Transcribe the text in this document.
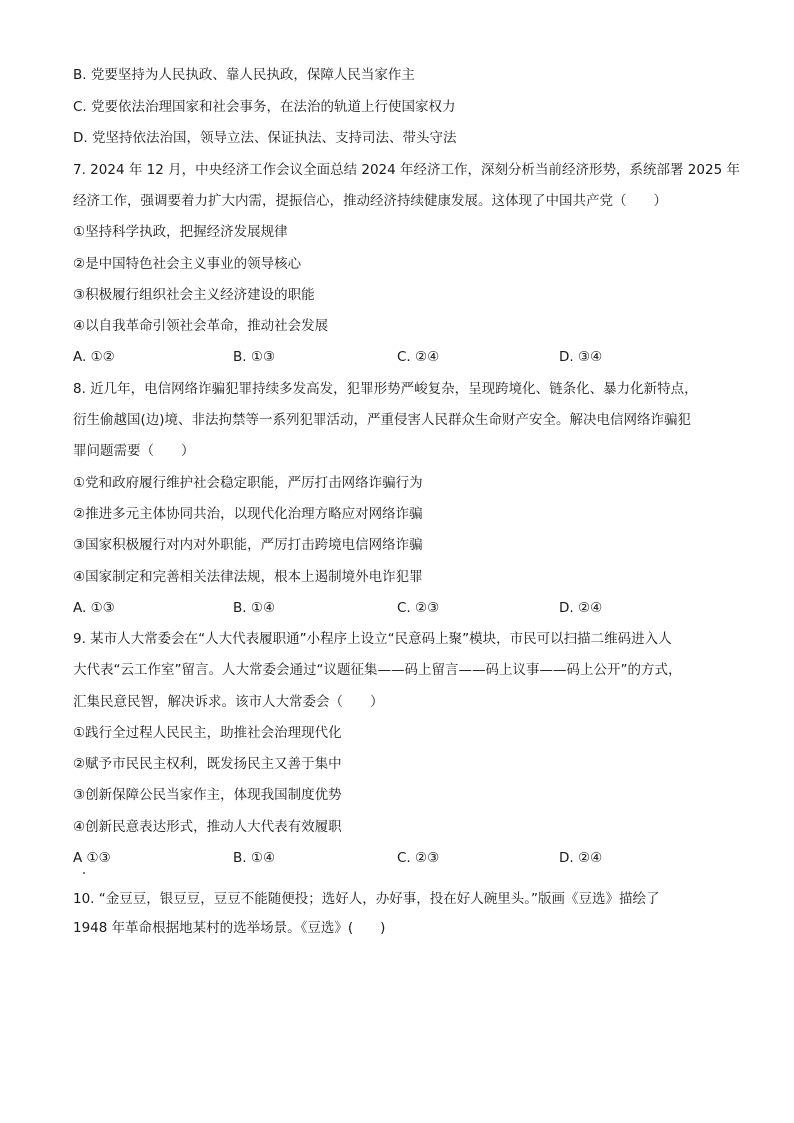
B. 党要坚持为人民执政、靠人民执政，保障人民当家作主
C. 党要依法治理国家和社会事务，在法治的轨道上行使国家权力
D. 党坚持依法治国，领导立法、保证执法、支持司法、带头守法
7. 2024 年 12 月，中央经济工作会议全面总结 2024 年经济工作，深刻分析当前经济形势，系统部署 2025 年
经济工作，强调要着力扩大内需，提振信心，推动经济持续健康发展。这体现了中国共产党（　　）
①坚持科学执政，把握经济发展规律
②是中国特色社会主义事业的领导核心
③积极履行组织社会主义经济建设的职能
④以自我革命引领社会革命，推动社会发展
A. ①②	B. ①③	C. ②④	D. ③④
8. 近几年，电信网络诈骗犯罪持续多发高发，犯罪形势严峻复杂，呈现跨境化、链条化、暴力化新特点，
衍生偷越国(边)境、非法拘禁等一系列犯罪活动，严重侵害人民群众生命财产安全。解决电信网络诈骗犯
罪问题需要（　　）
①党和政府履行维护社会稳定职能，严厉打击网络诈骗行为
②推进多元主体协同共治，以现代化治理方略应对网络诈骗
③国家积极履行对内对外职能，严厉打击跨境电信网络诈骗
④国家制定和完善相关法律法规，根本上遏制境外电诈犯罪
A. ①③	B. ①④	C. ②③	D. ②④
9. 某市人大常委会在“人大代表履职通”小程序上设立“民意码上聚”模块，市民可以扫描二维码进入人
大代表“云工作室”留言。人大常委会通过“议题征集——码上留言——码上议事——码上公开”的方式，
汇集民意民智，解决诉求。该市人大常委会（　　）
①践行全过程人民民主，助推社会治理现代化
②赋予市民民主权利，既发扬民主又善于集中
③创新保障公民当家作主，体现我国制度优势
④创新民意表达形式，推动人大代表有效履职
A ①③	B. ①④	C. ②③	D. ②④
10. “金豆豆，银豆豆，豆豆不能随便投；选好人，办好事，投在好人碗里头。”版画《豆选》描绘了
1948 年革命根据地某村的选举场景。《豆选》(　　)
